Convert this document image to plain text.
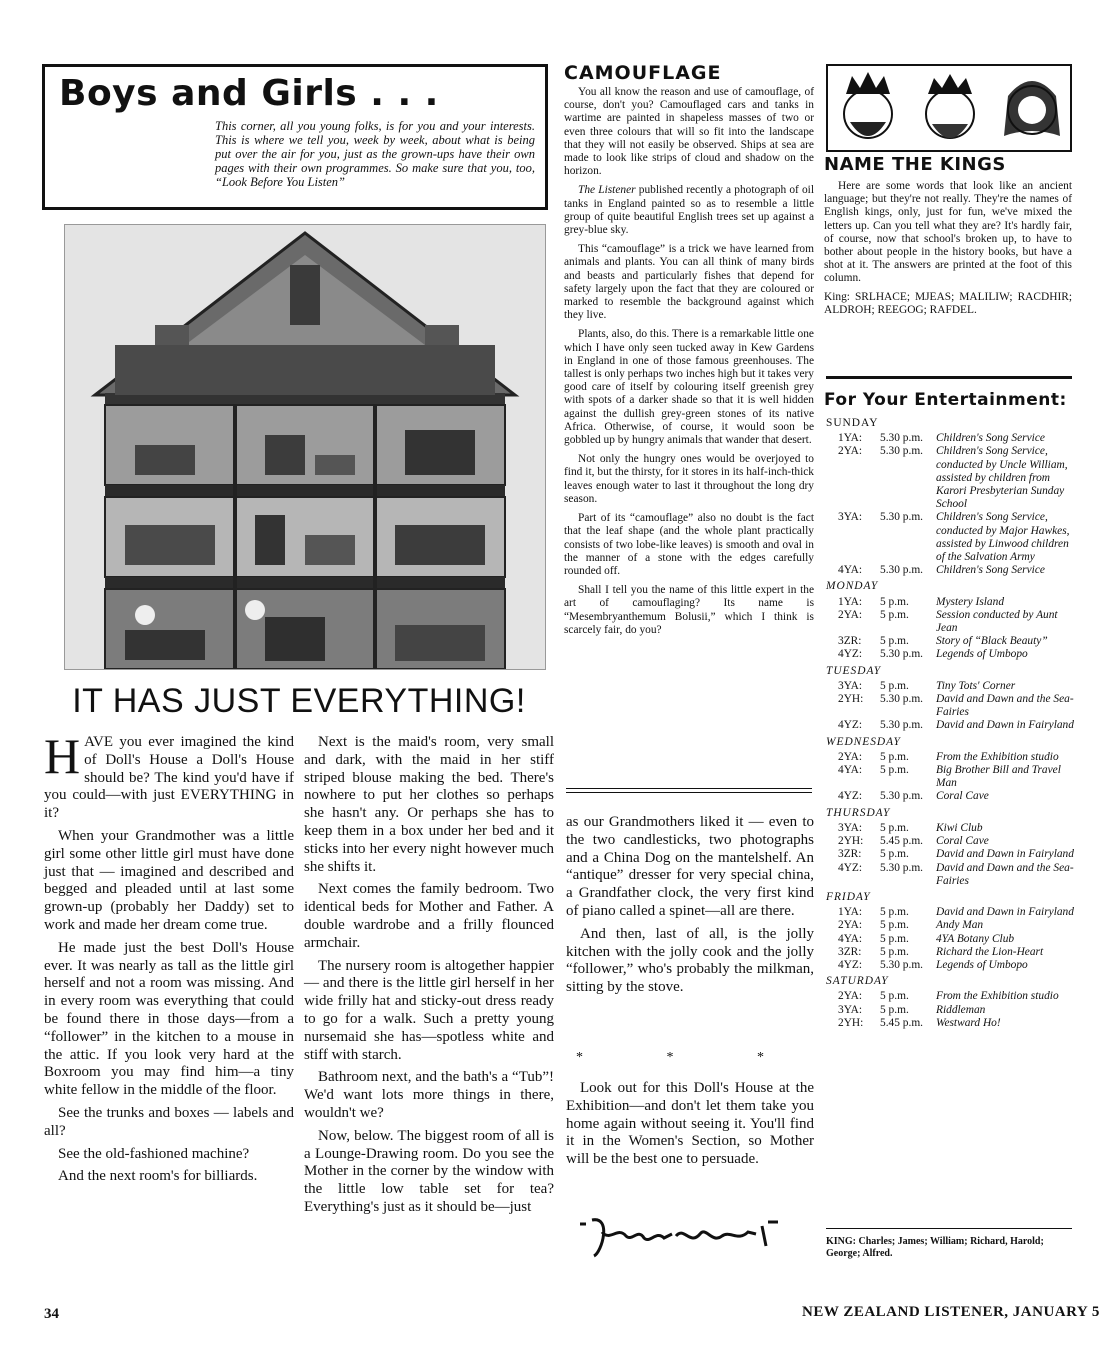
Boys and Girls . . .
This corner, all you young folks, is for you and your interests. This is where we tell you, week by week, about what is being put over the air for you, just as the grown-ups have their own pages with their own programmes. So make sure that you, too, “Look Before You Listen”
IT HAS JUST EVERYTHING!

HAVE you ever imagined the kind of Doll's House a Doll's House should be? The kind you'd have if you could—with just EVERYTHING in it?

When your Grandmother was a little girl some other little girl must have done just that — imagined and described and begged and pleaded until at last some grown-up (probably her Daddy) set to work and made her dream come true.

He made just the best Doll's House ever. It was nearly as tall as the little girl herself and not a room was missing. And in every room was everything that could be found there in those days—from a “follower” in the kitchen to a mouse in the attic. If you look very hard at the Boxroom you may find him—a tiny white fellow in the middle of the floor.

See the trunks and boxes — labels and all?

See the old-fashioned machine?

And the next room's for billiards.

Next is the maid's room, very small and dark, with the maid in her stiff striped blouse making the bed. There's nowhere to put her clothes so perhaps she hasn't any. Or perhaps she has to keep them in a box under her bed and it sticks into her every night however much she shifts it.

Next comes the family bedroom. Two identical beds for Mother and Father. A double wardrobe and a frilly flounced armchair.

The nursery room is altogether happier — and there is the little girl herself in her wide frilly hat and sticky-out dress ready to go for a walk. Such a pretty young nursemaid she has—spotless white and stiff with starch.

Bathroom next, and the bath's a “Tub”! We'd want lots more things in there, wouldn't we?

Now, below. The biggest room of all is a Lounge-Drawing room. Do you see the Mother in the corner by the window with the little low table set for tea? Everything's just as it should be—just

CAMOUFLAGE

You all know the reason and use of camouflage, of course, don't you? Camouflaged cars and tanks in wartime are painted in shapeless masses of two or even three colours that will so fit into the landscape that they will not easily be observed. Ships at sea are made to look like strips of cloud and shadow on the horizon.

The Listener published recently a photograph of oil tanks in England painted so as to resemble a little group of quite beautiful English trees set up against a grey-blue sky.

This “camouflage” is a trick we have learned from animals and plants. You can all think of many birds and beasts and particularly fishes that depend for safety largely upon the fact that they are coloured or marked to resemble the background against which they live.

Plants, also, do this. There is a remarkable little one which I have only seen tucked away in Kew Gardens in England in one of those famous greenhouses. The tallest is only perhaps two inches high but it takes very good care of itself by colouring itself greenish grey with spots of a darker shade so that it is well hidden against the dullish grey-green stones of its native Africa. Otherwise, of course, it would soon be gobbled up by hungry animals that wander that desert.

Not only the hungry ones would be overjoyed to find it, but the thirsty, for it stores in its half-inch-thick leaves enough water to last it throughout the long dry season.

Part of its “camouflage” also no doubt is the fact that the leaf shape (and the whole plant practically consists of two lobe-like leaves) is smooth and oval in the manner of a stone with the edges carefully rounded off.

Shall I tell you the name of this little expert in the art of camouflaging? Its name is “Mesembryanthemum Bolusii,” which I think is scarcely fair, do you?

as our Grandmothers liked it — even to the two candlesticks, two photographs and a China Dog on the mantelshelf. An “antique” dresser for very special china, a Grandfather clock, the very first kind of piano called a spinet—all are there.

And then, last of all, is the jolly kitchen with the jolly cook and the jolly “follower,” who's probably the milkman, sitting by the stove.

* * *

Look out for this Doll's House at the Exhibition—and don't let them take you home again without seeing it. You'll find it in the Women's Section, so Mother will be the best one to persuade.

NAME THE KINGS

Here are some words that look like an ancient language; but they're not really. They're the names of English kings, only, just for fun, we've mixed the letters up. Can you tell what they are? It's hardly fair, of course, now that school's broken up, to have to bother about people in the history books, but have a shot at it. The answers are printed at the foot of this column.

King: SRLHACE; MJEAS; MALILIW; RACDHIR; ALDROH; REEGOG; RAFDEL.

For Your Entertainment:
SUNDAY
1YA:	5.30 p.m.	Children's Song Service
2YA:	5.30 p.m.	Children's Song Service, conducted by Uncle William, assisted by children from Karori Presbyterian Sunday School
3YA:	5.30 p.m.	Children's Song Service, conducted by Major Hawkes, assisted by Linwood children of the Salvation Army
4YA:	5.30 p.m.	Children's Song Service
MONDAY
1YA:	5 p.m.	Mystery Island
2YA:	5 p.m.	Session conducted by Aunt Jean
3ZR:	5 p.m.	Story of “Black Beauty”
4YZ:	5.30 p.m.	Legends of Umbopo
TUESDAY
3YA:	5 p.m.	Tiny Tots' Corner
2YH:	5.30 p.m.	David and Dawn and the Sea-Fairies
4YZ:	5.30 p.m.	David and Dawn in Fairyland
WEDNESDAY
2YA:	5 p.m.	From the Exhibition studio
4YA:	5 p.m.	Big Brother Bill and Travel Man
4YZ:	5.30 p.m.	Coral Cave
THURSDAY
3YA:	5 p.m.	Kiwi Club
2YH:	5.45 p.m.	Coral Cave
3ZR:	5 p.m.	David and Dawn in Fairyland
4YZ:	5.30 p.m.	David and Dawn and the Sea-Fairies
FRIDAY
1YA:	5 p.m.	David and Dawn in Fairyland
2YA:	5 p.m.	Andy Man
4YA:	5 p.m.	4YA Botany Club
3ZR:	5 p.m.	Richard the Lion-Heart
4YZ:	5.30 p.m.	Legends of Umbopo
SATURDAY
2YA:	5 p.m.	From the Exhibition studio
3YA:	5 p.m.	Riddleman
2YH:	5.45 p.m.	Westward Ho!
KING: Charles; James; William; Richard, Harold; George; Alfred.
34	NEW ZEALAND LISTENER, JANUARY 5
